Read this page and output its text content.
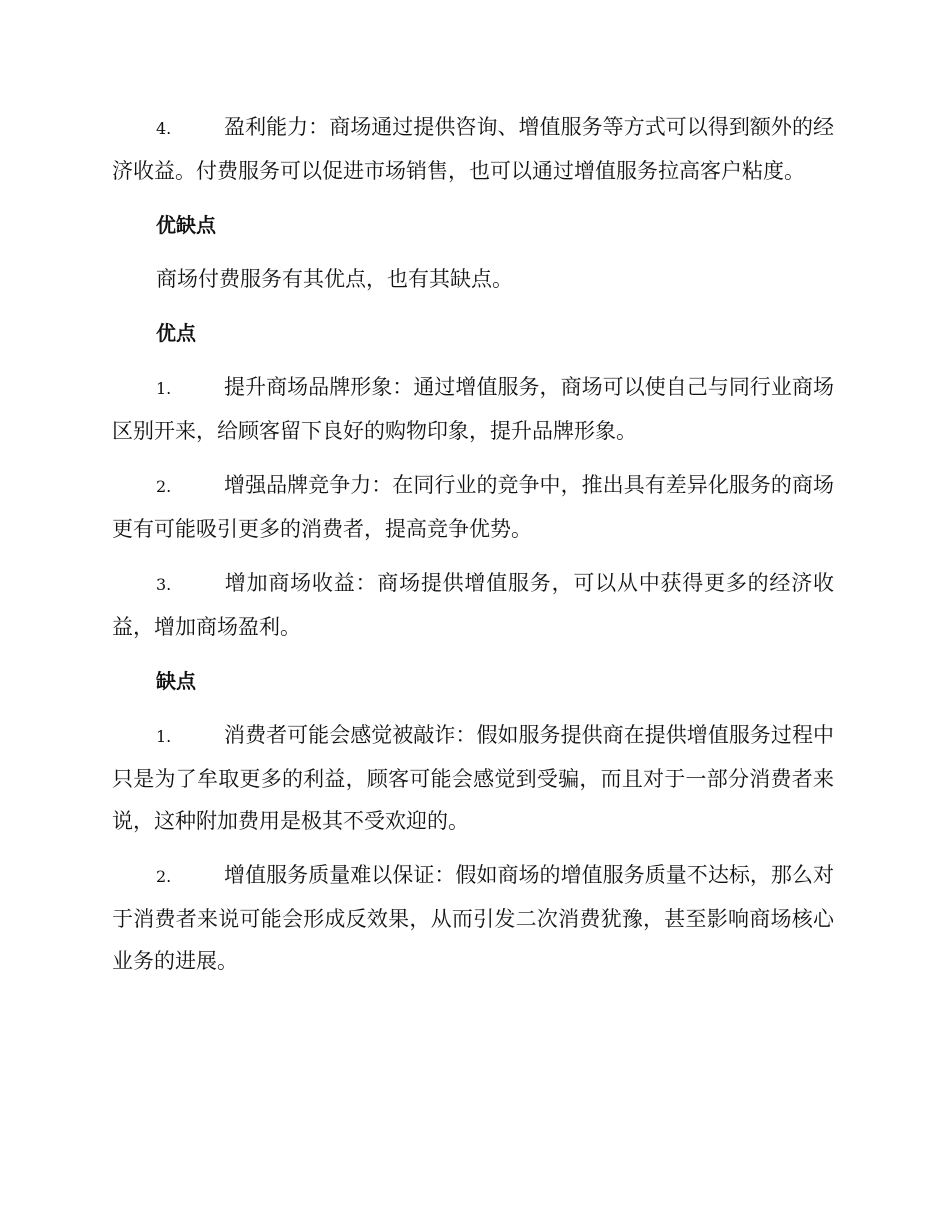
4.	盈利能力：商场通过提供咨询、增值服务等方式可以得到额外的经济收益。付费服务可以促进市场销售，也可以通过增值服务拉高客户粘度。

优缺点

商场付费服务有其优点，也有其缺点。

优点

1.	提升商场品牌形象：通过增值服务，商场可以使自己与同行业商场区别开来，给顾客留下良好的购物印象，提升品牌形象。

2.	增强品牌竞争力：在同行业的竞争中，推出具有差异化服务的商场更有可能吸引更多的消费者，提高竞争优势。

3.	增加商场收益：商场提供增值服务，可以从中获得更多的经济收益，增加商场盈利。

缺点

1.	消费者可能会感觉被敲诈：假如服务提供商在提供增值服务过程中只是为了牟取更多的利益，顾客可能会感觉到受骗，而且对于一部分消费者来说，这种附加费用是极其不受欢迎的。

2.	增值服务质量难以保证：假如商场的增值服务质量不达标，那么对于消费者来说可能会形成反效果，从而引发二次消费犹豫，甚至影响商场核心业务的进展。
